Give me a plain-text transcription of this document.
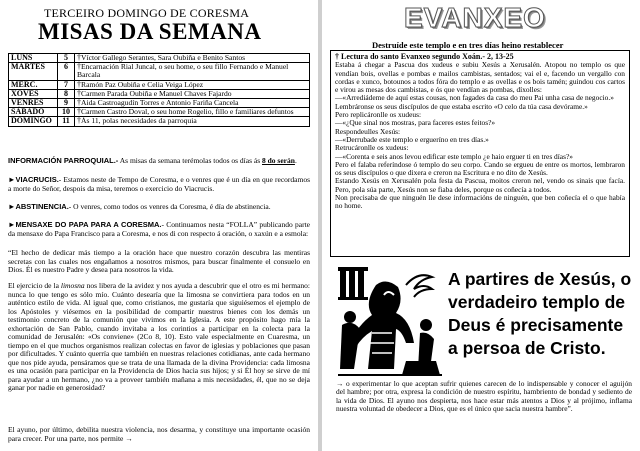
TERCEIRO DOMINGO DE CORESMA
MISAS DA SEMANA
LUNS	5	†Víctor Gallego Serantes, Sara Oubiña e Benito Santos
MARTES	6	†Encarnación Rial Juncal, o seu home, o seu fillo Fernando e Manuel Barcala
MERC.	7	†Ramón Paz Oubiña e Celia Veiga López
XOVES	8	†Carmen Parada Oubiña e Manuel Chaves Fajardo
VENRES	9	†Aida Castroagudín Torres e Antonio Fariña Cancela
SÁBADO	10	†Carmen Castro Doval, o seu home Rogelio, fillo e familiares defuntos
DOMINGO	11	†Ás 11, polas necesidades da parroquia
INFORMACIÓN PARROQUIAL.- As misas da semana terémolas todos os días ás 8 do serán.
►VIACRUCIS.- Estamos neste de Tempo de Coresma, e o venres que é un día en que recordamos a morte do Señor, despois da misa, teremos o exercicio do Viacrucis.
►ABSTINENCIA.- O venres, como todos os venres da Coresma, é día de abstinencia.
►MENSAXE DO PAPA PARA A CORESMA.- Continuamos nesta “FOLLA” publicando parte da mensaxe do Papa Francisco para a Coresma, e nos di con respecto á oración, o xaxún e a esmola:
“El hecho de dedicar más tiempo a la oración hace que nuestro corazón descubra las mentiras secretas con las cuales nos engañamos a nosotros mismos, para buscar finalmente el consuelo en Dios. Él es nuestro Padre y desea para nosotros la vida.
El ejercicio de la limosna nos libera de la avidez y nos ayuda a descubrir que el otro es mi hermano: nunca lo que tengo es sólo mío. Cuánto desearía que la limosna se convirtiera para todos en un auténtico estilo de vida. Al igual que, como cristianos, me gustaría que siguiésemos el ejemplo de los Apóstoles y viésemos en la posibilidad de compartir nuestros bienes con los demás un testimonio concreto de la comunión que vivimos en la Iglesia. A este propósito hago mía la exhortación de San Pablo, cuando invitaba a los corintios a participar en la colecta para la comunidad de Jerusalén: «Os conviene» (2Co 8, 10). Esto vale especialmente en Cuaresma, un tiempo en el que muchos organismos realizan colectas en favor de iglesias y poblaciones que pasan por dificultades. Y cuánto querría que también en nuestras relaciones cotidianas, ante cada hermano que nos pide ayuda, pensáramos que se trata de una llamada de la divina Providencia: cada limosna es una ocasión para participar en la Providencia de Dios hacia sus hijos; y si Él hoy se sirve de mí para ayudar a un hermano, ¿no va a proveer también mañana a mis necesidades, él, que no se deja ganar por nadie en generosidad?
El ayuno, por último, debilita nuestra violencia, nos desarma, y constituye una importante ocasión para crecer. Por una parte, nos permite →
EVANXEO
Destruíde este templo e en tres días heino restablecer
† Lectura do santo Evanxeo segundo Xoán.- 2, 13-25

Estaba á chegar a Pascua dos xudeus e subiu Xesús a Xerusalén. Atopou no templo os que vendían bois, ovellas e pombas e mailos cambistas, sentados; vai el e, facendo un vergallo con cordas e xunco, botounos a todos fóra do templo e as ovellas e os bois tamén; guindou cos cartos e virou as mesas dos cambistas, e ós que vendían as pombas, díxolles:

—«Arrediádeme de aquí estas cousas, non fagades da casa do meu Pai unha casa de negocio.»

Lembráronse os seus discípulos de que estaba escrito «O celo da túa casa devórame.»

Pero replicáronlle os xudeus:

—«¿Que sinal nos mostras, para faceres estes feitos?»

Respondeulles Xesús:

—«Derrubade este templo e ergueríno en tres días.»

Retrucáronlle os xudeus:

—«Corenta e seis anos levou edificar este templo ¿e haio erguer ti en tres días?»

Pero el falaba referíndose ó templo do seu corpo. Cando se ergueu de entre os mortos, lembraron os seus discípulos o que dixera e creron na Escritura e no dito de Xesús.

Estando Xesús en Xerusalén pola festa da Pascua, moitos creron nel, vendo os sinais que facía. Pero, pola súa parte, Xesús non se fiaba deles, porque os coñecía a todos.

Non precisaba de que ninguén lle dese informacións de ninguén, que ben coñecía el o que había no home.

A partires de Xesús, o verdadeiro templo de Deus é precisamente a persoa de Cristo.
→ o experimentar lo que aceptan sufrir quienes carecen de lo indispensable y conocer el aguijón del hambre; por otra, expresa la condición de nuestro espíritu, hambriento de bondad y sediento de la vida de Dios. El ayuno nos despierta, nos hace estar más atentos a Dios y al prójimo, inflama nuestra voluntad de obedecer a Dios, que es el único que sacia nuestra hambre”.
